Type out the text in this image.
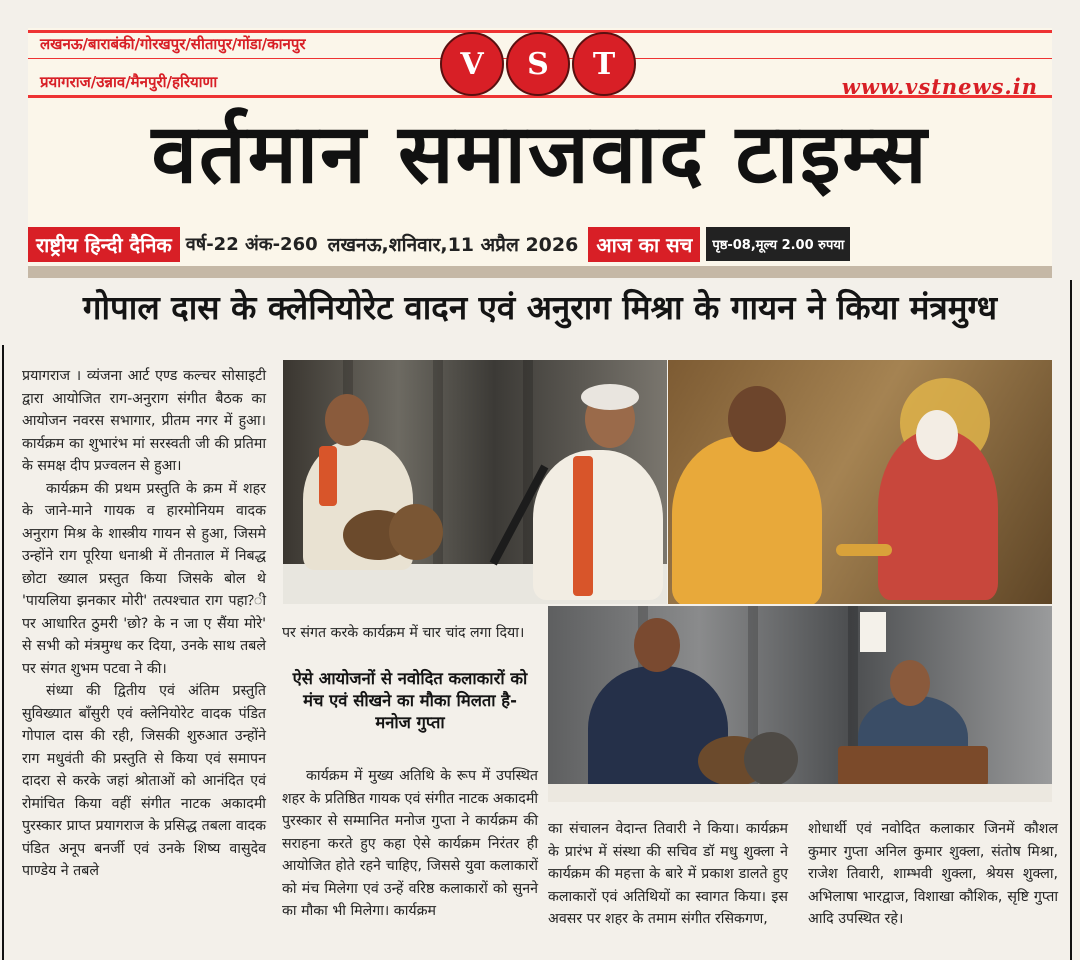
लखनऊ/बाराबंकी/गोरखपुर/सीतापुर/गोंडा/कानपुर
प्रयागराज/उन्नाव/मैनपुरी/हरियाणा
V	S	T
www.vstnews.in
वर्तमान समाजवाद टाइम्स
राष्ट्रीय हिन्दी दैनिक वर्ष-22 अंक-260 लखनऊ,शनिवार,11 अप्रैल 2026 आज का सच	पृष्ठ-08,मूल्य 2.00 रुपया
गोपाल दास के क्लेनियोरेट वादन एवं अनुराग मिश्रा के गायन ने किया मंत्रमुग्ध

प्रयागराज । व्यंजना आर्ट एण्ड कल्चर सोसाइटी द्वारा आयोजित राग-अनुराग संगीत बैठक का आयोजन नवरस सभागार, प्रीतम नगर में हुआ। कार्यक्रम का शुभारंभ मां सरस्वती जी की प्रतिमा के समक्ष दीप प्रज्वलन से हुआ।

कार्यक्रम की प्रथम प्रस्तुति के क्रम में शहर के जाने-माने गायक व हारमोनियम वादक अनुराग मिश्र के शास्त्रीय गायन से हुआ, जिसमे उन्होंने राग पूरिया धनाश्री में तीनताल में निबद्ध छोटा ख्याल प्रस्तुत किया जिसके बोल थे 'पायलिया झनकार मोरी' तत्पश्चात राग पहा?ी पर आधारित ठुमरी 'छो? के न जा ए सैंया मोरे' से सभी को मंत्रमुग्ध कर दिया, उनके साथ तबले पर संगत शुभम पटवा ने की।

संध्या की द्वितीय एवं अंतिम प्रस्तुति सुविख्यात बाँसुरी एवं क्लेनियोरेट वादक पंडित गोपाल दास की रही, जिसकी शुरुआत उन्होंने राग मधुवंती की प्रस्तुति से किया एवं समापन दादरा से करके जहां श्रोताओं को आनंदित एवं रोमांचित किया वहीं संगीत नाटक अकादमी पुरस्कार प्राप्त प्रयागराज के प्रसिद्ध तबला वादक पंडित अनूप बनर्जी एवं उनके शिष्य वासुदेव पाण्डेय ने तबले

पर संगत करके कार्यक्रम में चार चांद लगा दिया।

ऐसे आयोजनों से नवोदित कलाकारों को मंच एवं सीखने का मौका मिलता है- मनोज गुप्ता

कार्यक्रम में मुख्य अतिथि के रूप में उपस्थित शहर के प्रतिष्ठित गायक एवं संगीत नाटक अकादमी पुरस्कार से सम्मानित मनोज गुप्ता ने कार्यक्रम की सराहना करते हुए कहा ऐसे कार्यक्रम निरंतर ही आयोजित होते रहने चाहिए, जिससे युवा कलाकारों को मंच मिलेगा एवं उन्हें वरिष्ठ कलाकारों को सुनने का मौका भी मिलेगा। कार्यक्रम

का संचालन वेदान्त तिवारी ने किया। कार्यक्रम के प्रारंभ में संस्था की सचिव डॉ मधु शुक्ला ने कार्यक्रम की महत्ता के बारे में प्रकाश डालते हुए कलाकारों एवं अतिथियों का स्वागत किया। इस अवसर पर शहर के तमाम संगीत रसिकगण,

शोधार्थी एवं नवोदित कलाकार जिनमें कौशल कुमार गुप्ता अनिल कुमार शुक्ला, संतोष मिश्रा, राजेश तिवारी, शाम्भवी शुक्ला, श्रेयस शुक्ला, अभिलाषा भारद्वाज, विशाखा कौशिक, सृष्टि गुप्ता आदि उपस्थित रहे।
